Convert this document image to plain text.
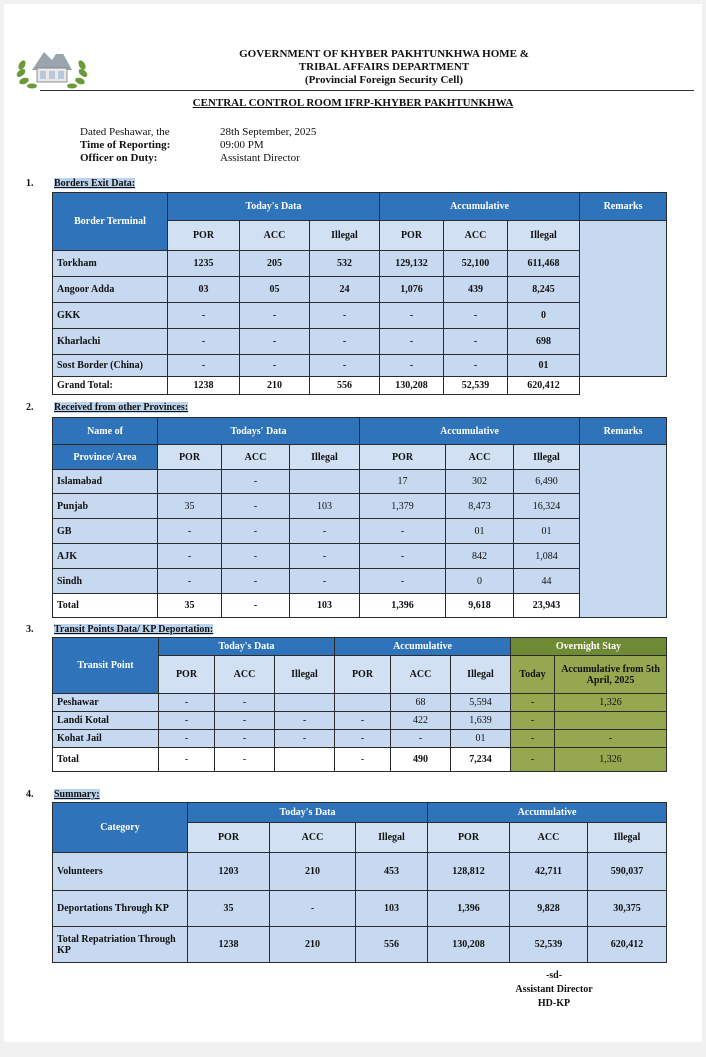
GOVERNMENT OF KHYBER PAKHTUNKHWA HOME &
TRIBAL AFFAIRS DEPARTMENT
(Provincial Foreign Security Cell)
CENTRAL CONTROL ROOM IFRP-KHYBER PAKHTUNKHWA
Dated Peshawar, the	28th September, 2025
Time of Reporting:	09:00 PM
Officer on Duty:	Assistant Director
1. Borders Exit Data:
Border Terminal	Today's Data			Accumulative			Remarks
	POR	ACC	Illegal	POR	ACC	Illegal	
Torkham	1235	205	532	129,132	52,100	611,468	
Angoor Adda	03	05	24	1,076	439	8,245	
GKK	-	-	-	-	-	0	
Kharlachi	-	-	-	-	-	698	
Sost Border (China)	-	-	-	-	-	01	
Grand Total:	1238	210	556	130,208	52,539	620,412	
2. Received from other Provinces:
Name of	Todays' Data			Accumulative			Remarks
Province/ Area	POR	ACC	Illegal	POR	ACC	Illegal	
Islamabad		-		17	302	6,490	
Punjab	35	-	103	1,379	8,473	16,324	
GB	-	-	-	-	01	01	
AJK	-	-	-	-	842	1,084	
Sindh	-	-	-	-	0	44	
Total	35	-	103	1,396	9,618	23,943	
3. Transit Points Data/ KP Deportation:
Transit Point	Today's Data			Accumulative			Overnight Stay	
	POR	ACC	Illegal	POR	ACC	Illegal	Today	Accumulative from 5th April, 2025
Peshawar	-	-			68	5,594	-	1,326
Landi Kotal	-	-	-	-	422	1,639	-	
Kohat Jail	-	-	-	-	-	01	-	-
Total	-	-		-	490	7,234	-	1,326
4. Summary:
Category	Today's Data			Accumulative		
	POR	ACC	Illegal	POR	ACC	Illegal
Volunteers	1203	210	453	128,812	42,711	590,037
Deportations Through KP	35	-	103	1,396	9,828	30,375
Total Repatriation Through KP	1238	210	556	130,208	52,539	620,412
-sd-
Assistant Director
HD-KP
